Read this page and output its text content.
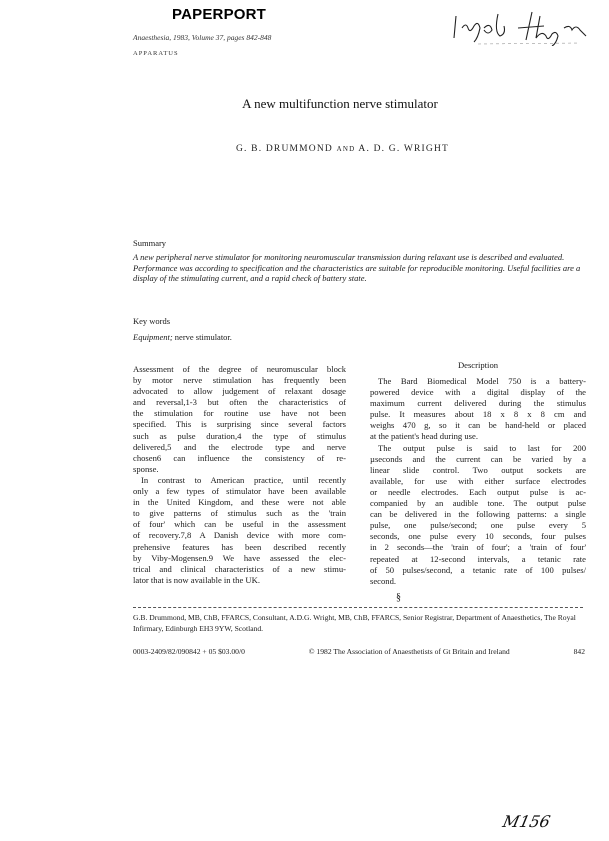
PAPERPORT
Anaesthesia, 1983, Volume 37, pages 842-848
APPARATUS
A new multifunction nerve stimulator
G. B. DRUMMOND AND A. D. G. WRIGHT
Summary
A new peripheral nerve stimulator for monitoring neuromuscular transmission during relaxant use is described and evaluated. Performance was according to specification and the characteristics are suitable for reproducible monitoring. Useful facilities are a display of the stimulating current, and a rapid check of battery state.
Key words
Equipment; nerve stimulator.
Assessment of the degree of neuromuscular block
by motor nerve stimulation has frequently been
advocated to allow judgement of relaxant dosage
and reversal,1-3 but often the characteristics of
the stimulation for routine use have not been
specified. This is surprising since several factors
such as pulse duration,4 the type of stimulus
delivered,5 and the electrode type and nerve
chosen6 can influence the consistency of re-
sponse.
In contrast to American practice, until recently
only a few types of stimulator have been available
in the United Kingdom, and these were not able
to give patterns of stimulus such as the 'train
of four' which can be useful in the assessment
of recovery.7,8 A Danish device with more com-
prehensive features has been described recently
by Viby-Mogensen.9 We have assessed the elec-
trical and clinical characteristics of a new stimu-
lator that is now available in the UK.
Description
The Bard Biomedical Model 750 is a battery-
powered device with a digital display of the
maximum current delivered during the stimulus
pulse. It measures about 18 x 8 x 8 cm and
weighs 470 g, so it can be hand-held or placed
at the patient's head during use.
The output pulse is said to last for 200
µseconds and the current can be varied by a
linear slide control. Two output sockets are
available, for use with either surface electrodes
or needle electrodes. Each output pulse is ac-
companied by an audible tone. The output pulse
can be delivered in the following patterns: a single
pulse, one pulse/second; one pulse every 5
seconds, one pulse every 10 seconds, four pulses
in 2 seconds—the 'train of four'; a 'train of four'
repeated at 12-second intervals, a tetanic rate
of 50 pulses/second, a tetanic rate of 100 pulses/
second.
§
G.B. Drummond, MB, ChB, FFARCS, Consultant, A.D.G. Wright, MB, ChB, FFARCS, Senior Registrar, Department of Anaesthetics, The Royal Infirmary, Edinburgh EH3 9YW, Scotland.
0003-2409/82/090842 + 05 $03.00/0	© 1982 The Association of Anaesthetists of Gt Britain and Ireland	842
M156
